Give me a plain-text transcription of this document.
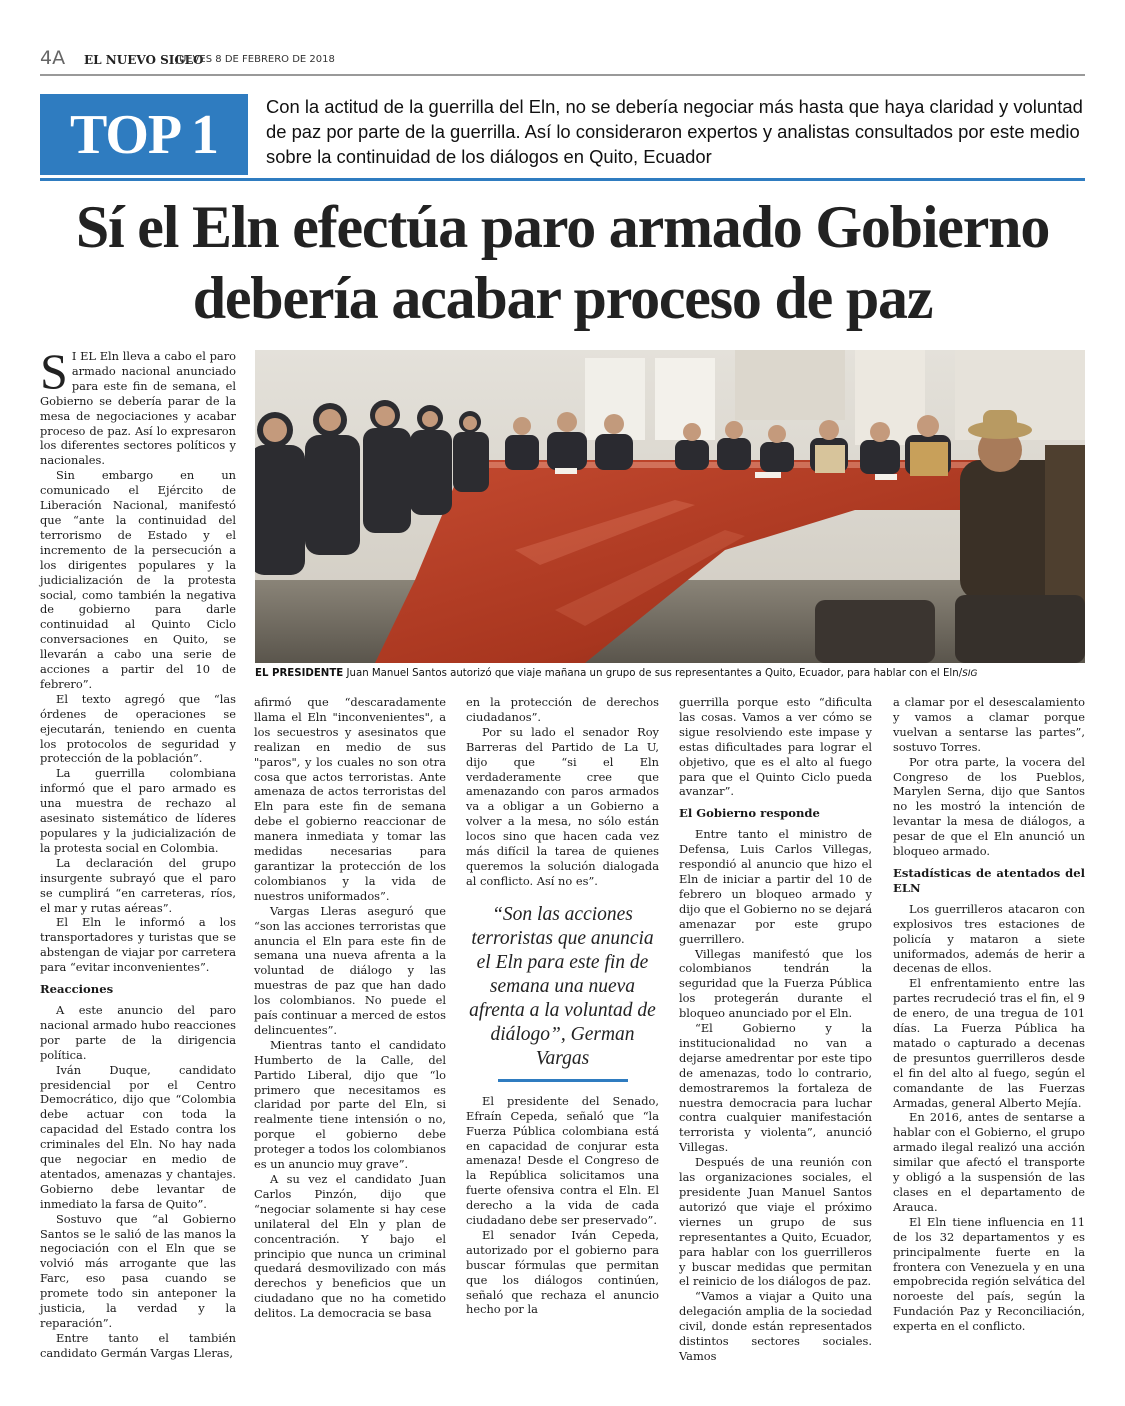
4A EL NUEVO SIGLO
JUEVES 8 DE FEBRERO DE 2018
TOP 1	Con la actitud de la guerrilla del Eln, no se debería negociar más hasta que haya claridad y voluntad de paz por parte de la guerrilla. Así lo consideraron expertos y analistas consultados por este medio sobre la continuidad de los diálogos en Quito, Ecuador
Sí el Eln efectúa paro armado Gobierno debería acabar proceso de paz
EL PRESIDENTE Juan Manuel Santos autorizó que viaje mañana un grupo de sus representantes a Quito, Ecuador, para hablar con el Eln/SIG

S I EL Eln lleva a cabo el paro armado nacional anunciado para este fin de semana, el Gobierno se debería parar de la mesa de negociaciones y acabar proceso de paz. Así lo expresaron los diferentes sectores políticos y nacionales.

Sin embargo en un comunicado el Ejército de Liberación Nacional, manifestó que “ante la continuidad del terrorismo de Estado y el incremento de la persecución a los dirigentes populares y la judicialización de la protesta social, como también la negativa de gobierno para darle continuidad al Quinto Ciclo conversaciones en Quito, se llevarán a cabo una serie de acciones a partir del 10 de febrero”.

El texto agregó que “las órdenes de operaciones se ejecutarán, teniendo en cuenta los protocolos de seguridad y protección de la población”.

La guerrilla colombiana informó que el paro armado es una muestra de rechazo al asesinato sistemático de líderes populares y la judicialización de la protesta social en Colombia.

La declaración del grupo insurgente subrayó que el paro se cumplirá “en carreteras, ríos, el mar y rutas aéreas”.

El Eln le informó a los transportadores y turistas que se abstengan de viajar por carretera para “evitar inconvenientes”.

Reacciones

A este anuncio del paro nacional armado hubo reacciones por parte de la dirigencia política.

Iván Duque, candidato presidencial por el Centro Democrático, dijo que “Colombia debe actuar con toda la capacidad del Estado contra los criminales del Eln. No hay nada que negociar en medio de atentados, amenazas y chantajes. Gobierno debe levantar de inmediato la farsa de Quito”.

Sostuvo que “al Gobierno Santos se le salió de las manos la negociación con el Eln que se volvió más arrogante que las Farc, eso pasa cuando se promete todo sin anteponer la justicia, la verdad y la reparación”.

Entre tanto el también candidato Germán Vargas Lleras,

afirmó que “descaradamente llama el Eln "inconvenientes", a los secuestros y asesinatos que realizan en medio de sus "paros", y los cuales no son otra cosa que actos terroristas. Ante amenaza de actos terroristas del Eln para este fin de semana debe el gobierno reaccionar de manera inmediata y tomar las medidas necesarias para garantizar la protección de los colombianos y la vida de nuestros uniformados”.

Vargas Lleras aseguró que “son las acciones terroristas que anuncia el Eln para este fin de semana una nueva afrenta a la voluntad de diálogo y las muestras de paz que han dado los colombianos. No puede el país continuar a merced de estos delincuentes”.

Mientras tanto el candidato Humberto de la Calle, del Partido Liberal, dijo que “lo primero que necesitamos es claridad por parte del Eln, si realmente tiene intensión o no, porque el gobierno debe proteger a todos los colombianos es un anuncio muy grave”.

A su vez el candidato Juan Carlos Pinzón, dijo que “negociar solamente si hay cese unilateral del Eln y plan de concentración. Y bajo el principio que nunca un criminal quedará desmovilizado con más derechos y beneficios que un ciudadano que no ha cometido delitos. La democracia se basa

en la protección de derechos ciudadanos”.

Por su lado el senador Roy Barreras del Partido de La U, dijo que “si el Eln verdaderamente cree que amenazando con paros armados va a obligar a un Gobierno a volver a la mesa, no sólo están locos sino que hacen cada vez más difícil la tarea de quienes queremos la solución dialogada al conflicto. Así no es”.

“Son las acciones terroristas que anuncia el Eln para este fin de semana una nueva afrenta a la voluntad de diálogo”, German Vargas

El presidente del Senado, Efraín Cepeda, señaló que “la Fuerza Pública colombiana está en capacidad de conjurar esta amenaza! Desde el Congreso de la República solicitamos una fuerte ofensiva contra el Eln. El derecho a la vida de cada ciudadano debe ser preservado”.

El senador Iván Cepeda, autorizado por el gobierno para buscar fórmulas que permitan que los diálogos continúen, señaló que rechaza el anuncio hecho por la

guerrilla porque esto “dificulta las cosas. Vamos a ver cómo se sigue resolviendo este impase y estas dificultades para lograr el objetivo, que es el alto al fuego para que el Quinto Ciclo pueda avanzar”.

El Gobierno responde

Entre tanto el ministro de Defensa, Luis Carlos Villegas, respondió al anuncio que hizo el Eln de iniciar a partir del 10 de febrero un bloqueo armado y dijo que el Gobierno no se dejará amenazar por este grupo guerrillero.

Villegas manifestó que los colombianos tendrán la seguridad que la Fuerza Pública los protegerán durante el bloqueo anunciado por el Eln.

“El Gobierno y la institucionalidad no van a dejarse amedrentar por este tipo de amenazas, todo lo contrario, demostraremos la fortaleza de nuestra democracia para luchar contra cualquier manifestación terrorista y violenta”, anunció Villegas.

Después de una reunión con las organizaciones sociales, el presidente Juan Manuel Santos autorizó que viaje el próximo viernes un grupo de sus representantes a Quito, Ecuador, para hablar con los guerrilleros y buscar medidas que permitan el reinicio de los diálogos de paz.

“Vamos a viajar a Quito una delegación amplia de la sociedad civil, donde están representados distintos sectores sociales. Vamos

a clamar por el desescalamiento y vamos a clamar porque vuelvan a sentarse las partes”, sostuvo Torres.

Por otra parte, la vocera del Congreso de los Pueblos, Marylen Serna, dijo que Santos no les mostró la intención de levantar la mesa de diálogos, a pesar de que el Eln anunció un bloqueo armado.

Estadísticas de atentados del ELN

Los guerrilleros atacaron con explosivos tres estaciones de policía y mataron a siete uniformados, además de herir a decenas de ellos.

El enfrentamiento entre las partes recrudeció tras el fin, el 9 de enero, de una tregua de 101 días. La Fuerza Pública ha matado o capturado a decenas de presuntos guerrilleros desde el fin del alto al fuego, según el comandante de las Fuerzas Armadas, general Alberto Mejía.

En 2016, antes de sentarse a hablar con el Gobierno, el grupo armado ilegal realizó una acción similar que afectó el transporte y obligó a la suspensión de las clases en el departamento de Arauca.

El Eln tiene influencia en 11 de los 32 departamentos y es principalmente fuerte en la frontera con Venezuela y en una empobrecida región selvática del noroeste del país, según la Fundación Paz y Reconciliación, experta en el conflicto.
